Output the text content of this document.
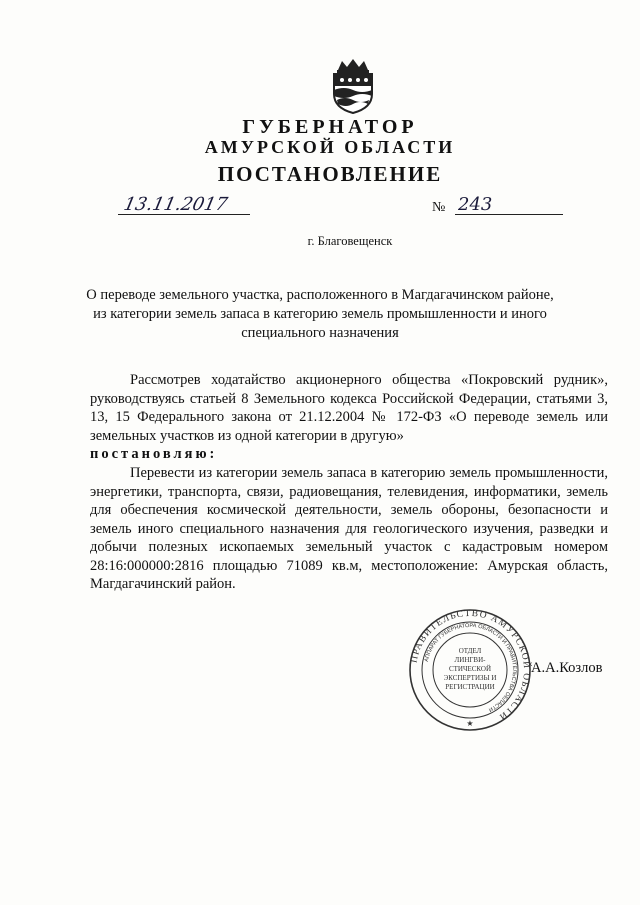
ГУБЕРНАТОР
АМУРСКОЙ ОБЛАСТИ
ПОСТАНОВЛЕНИЕ
13.11.2017	№ 243
г. Благовещенск
О переводе земельного участка, расположенного в Магдагачинском районе, из категории земель запаса в категорию земель промышленности и иного специального назначения
Рассмотрев ходатайство акционерного общества «Покровский рудник», руководствуясь статьей 8 Земельного кодекса Российской Федерации, статьями 3, 13, 15 Федерального закона от 21.12.2004 № 172-ФЗ «О переводе земель или земельных участков из одной категории в другую»
постановляю:
Перевести из категории земель запаса в категорию земель промышленности, энергетики, транспорта, связи, радиовещания, телевидения, информатики, земель для обеспечения космической деятельности, земель обороны, безопасности и земель иного специального назначения для геологического изучения, разведки и добычи полезных ископаемых земельный участок с кадастровым номером 28:16:000000:2816 площадью 71089 кв.м, местоположение: Амурская область, Магдагачинский район.
ПРАВИТЕЛЬСТВО АМУРСКОЙ ОБЛАСТИ
АППАРАТ ГУБЕРНАТОРА ОБЛАСТИ И ПРАВИТЕЛЬСТВА ОБЛАСТИ
ОТДЕЛ
ЛИНГВИ-
СТИЧЕСКОЙ
ЭКСПЕРТИЗЫ И
РЕГИСТРАЦИИ
★
А.А.Козлов
